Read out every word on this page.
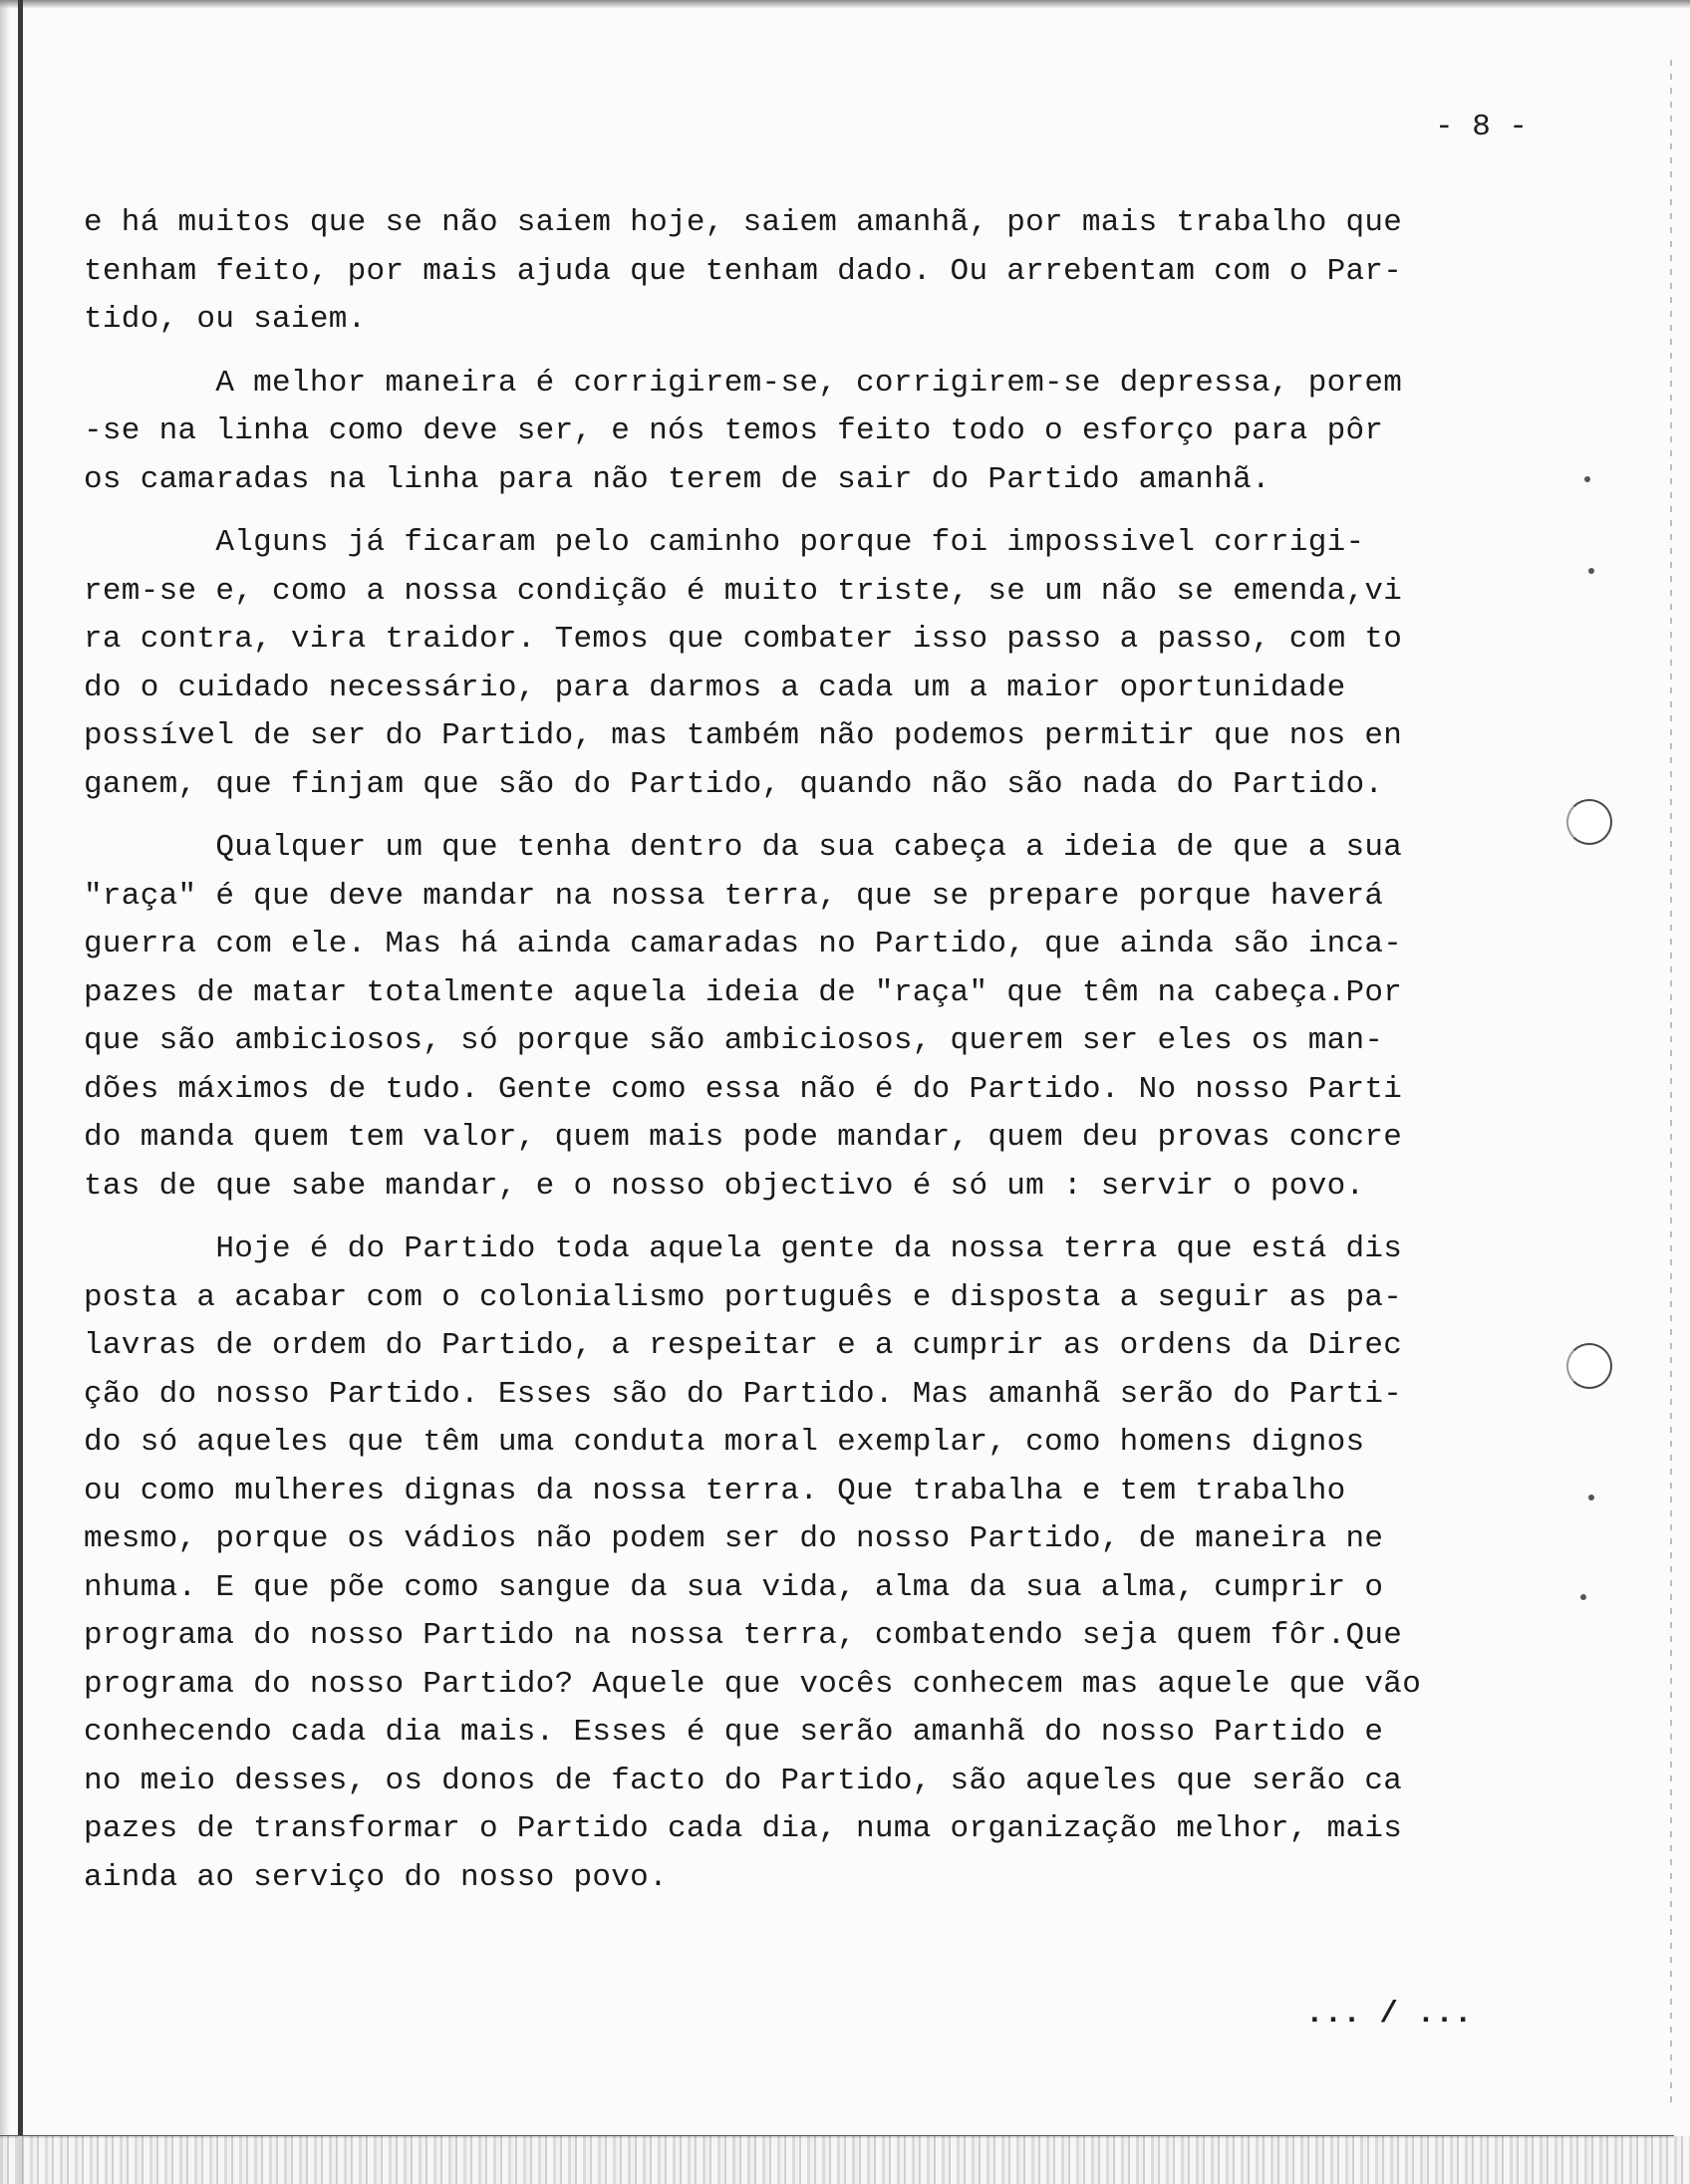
- 8 -
e há muitos que se não saiem hoje, saiem amanhã, por mais trabalho que
tenham feito, por mais ajuda que tenham dado. Ou arrebentam com o Par-
tido, ou saiem.
A melhor maneira é corrigirem-se, corrigirem-se depressa, porem
-se na linha como deve ser, e nós temos feito todo o esforço para pôr
os camaradas na linha para não terem de sair do Partido amanhã.
Alguns já ficaram pelo caminho porque foi impossivel corrigi-
rem-se e, como a nossa condição é muito triste, se um não se emenda,vi
ra contra, vira traidor. Temos que combater isso passo a passo, com to
do o cuidado necessário, para darmos a cada um a maior oportunidade
possível de ser do Partido, mas também não podemos permitir que nos en
ganem, que finjam que são do Partido, quando não são nada do Partido.
Qualquer um que tenha dentro da sua cabeça a ideia de que a sua
"raça" é que deve mandar na nossa terra, que se prepare porque haverá
guerra com ele. Mas há ainda camaradas no Partido, que ainda são inca-
pazes de matar totalmente aquela ideia de "raça" que têm na cabeça.Por
que são ambiciosos, só porque são ambiciosos, querem ser eles os man-
dões máximos de tudo. Gente como essa não é do Partido. No nosso Parti
do manda quem tem valor, quem mais pode mandar, quem deu provas concre
tas de que sabe mandar, e o nosso objectivo é só um : servir o povo.
Hoje é do Partido toda aquela gente da nossa terra que está dis
posta a acabar com o colonialismo português e disposta a seguir as pa-
lavras de ordem do Partido, a respeitar e a cumprir as ordens da Direc
ção do nosso Partido. Esses são do Partido. Mas amanhã serão do Parti-
do só aqueles que têm uma conduta moral exemplar, como homens dignos
ou como mulheres dignas da nossa terra. Que trabalha e tem trabalho
mesmo, porque os vádios não podem ser do nosso Partido, de maneira ne
nhuma. E que põe como sangue da sua vida, alma da sua alma, cumprir o
programa do nosso Partido na nossa terra, combatendo seja quem fôr.Que
programa do nosso Partido? Aquele que vocês conhecem mas aquele que vão
conhecendo cada dia mais. Esses é que serão amanhã do nosso Partido e
no meio desses, os donos de facto do Partido, são aqueles que serão ca
pazes de transformar o Partido cada dia, numa organização melhor, mais
ainda ao serviço do nosso povo.
... / ...
